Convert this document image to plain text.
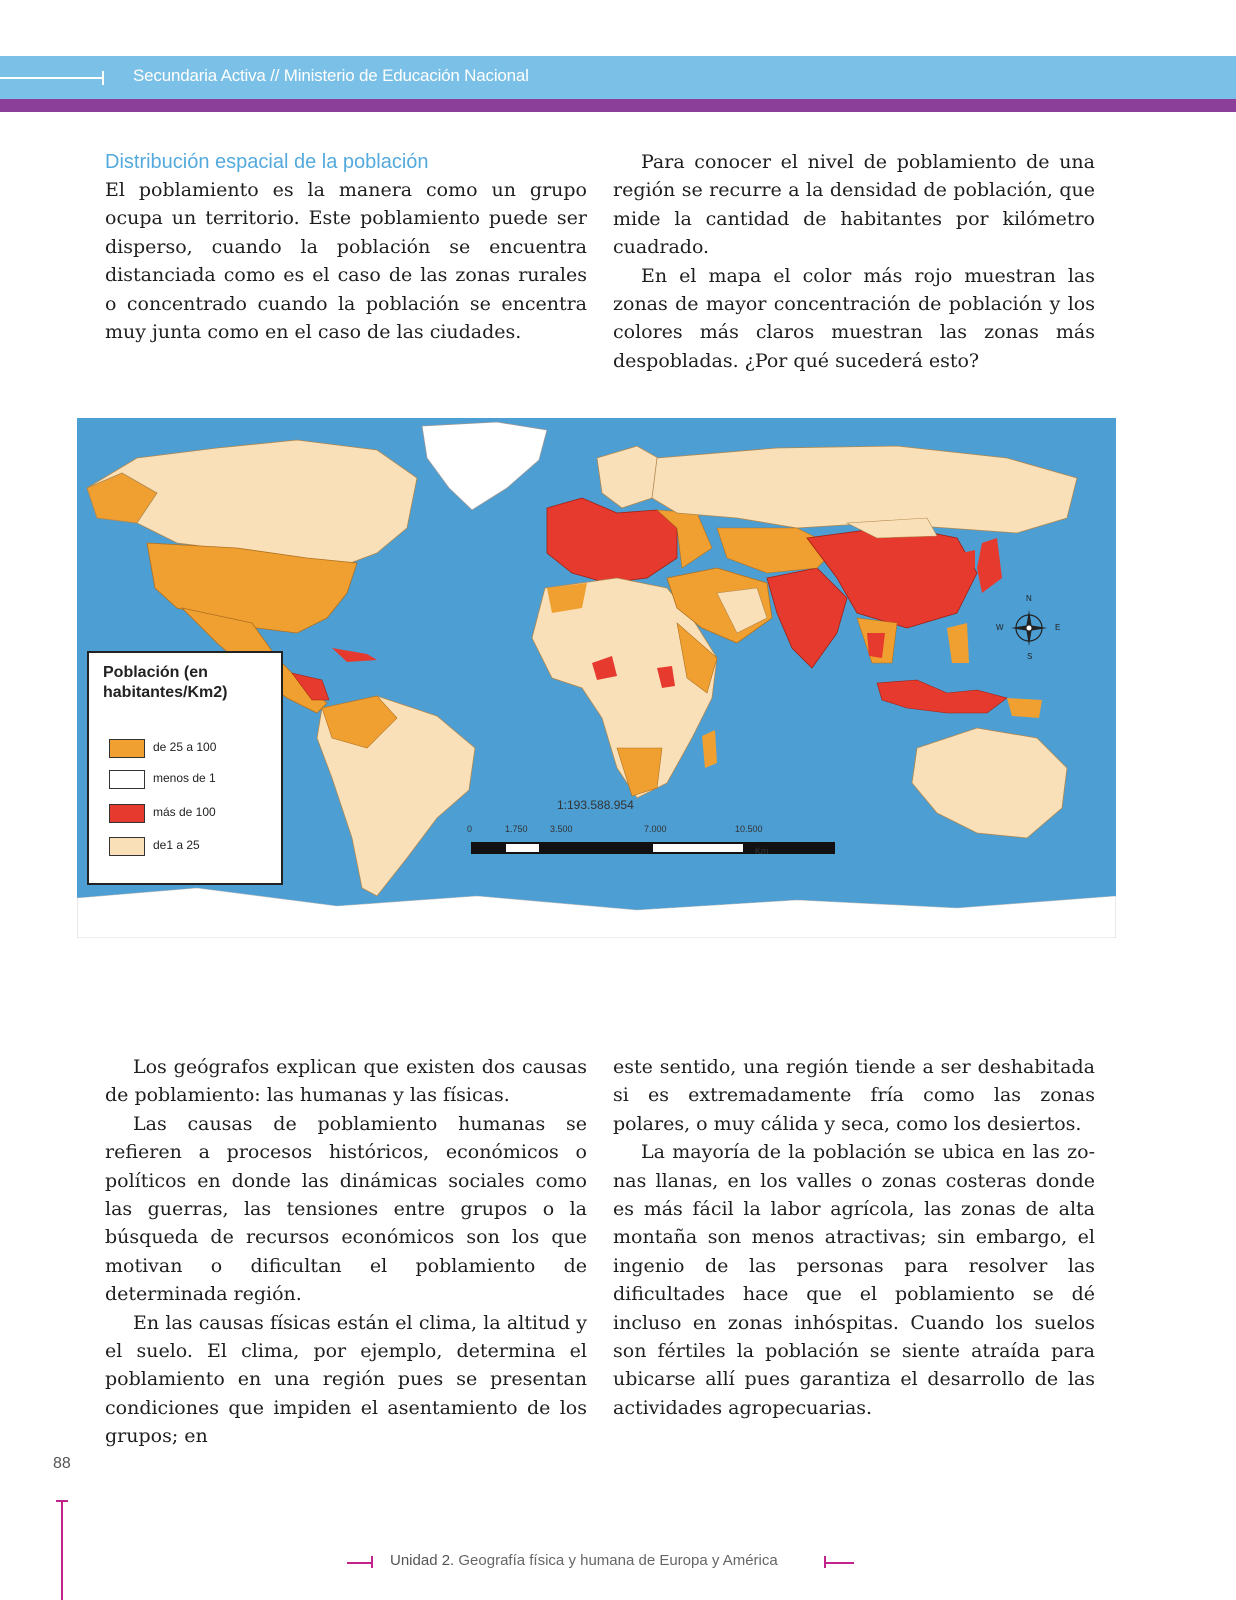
Secundaria Activa // Ministerio de Educación Nacional
Distribución espacial de la población

El poblamiento es la manera como un grupo ocupa un territorio. Este poblamiento puede ser disperso, cuando la población se encuentra distanciada como es el caso de las zonas rurales o concentrado cuando la población se encentra muy junta como en el caso de las ciudades.

Para conocer el nivel de poblamiento de una región se recurre a la densidad de población, que mide la cantidad de habitantes por kilómetro cuadrado.

En el mapa el color más rojo muestran las zonas de mayor concentración de población y los colores más claros muestran las zonas más despobladas. ¿Por qué sucederá esto?

Población (en habitantes/Km2)
de 25 a 100
menos de 1
más de 100
de1 a 25
1:193.588.954
0	1.750 3.500	7.000	10.500
Km
N
S
E
W

Los geógrafos explican que existen dos causas de poblamiento: las humanas y las físicas.

Las causas de poblamiento humanas se refieren a procesos históricos, económicos o políticos en donde las dinámicas sociales como las guerras, las tensiones entre grupos o la búsqueda de recursos económicos son los que motivan o dificultan el poblamiento de determinada región.

En las causas físicas están el clima, la altitud y el suelo. El clima, por ejemplo, determina el poblamiento en una región pues se presentan condiciones que impiden el asentamiento de los grupos; en

este sentido, una región tiende a ser deshabitada si es extremadamente fría como las zonas polares, o muy cálida y seca, como los desiertos.

La mayoría de la población se ubica en las zonas llanas, en los valles o zonas costeras donde es más fácil la labor agrícola, las zonas de alta montaña son menos atractivas; sin embargo, el ingenio de las personas para resolver las dificultades hace que el poblamiento se dé incluso en zonas inhóspitas. Cuando los suelos son fértiles la población se siente atraída para ubicarse allí pues garantiza el desarrollo de las actividades agropecuarias.

88
Unidad 2. Geografía física y humana de Europa y América
